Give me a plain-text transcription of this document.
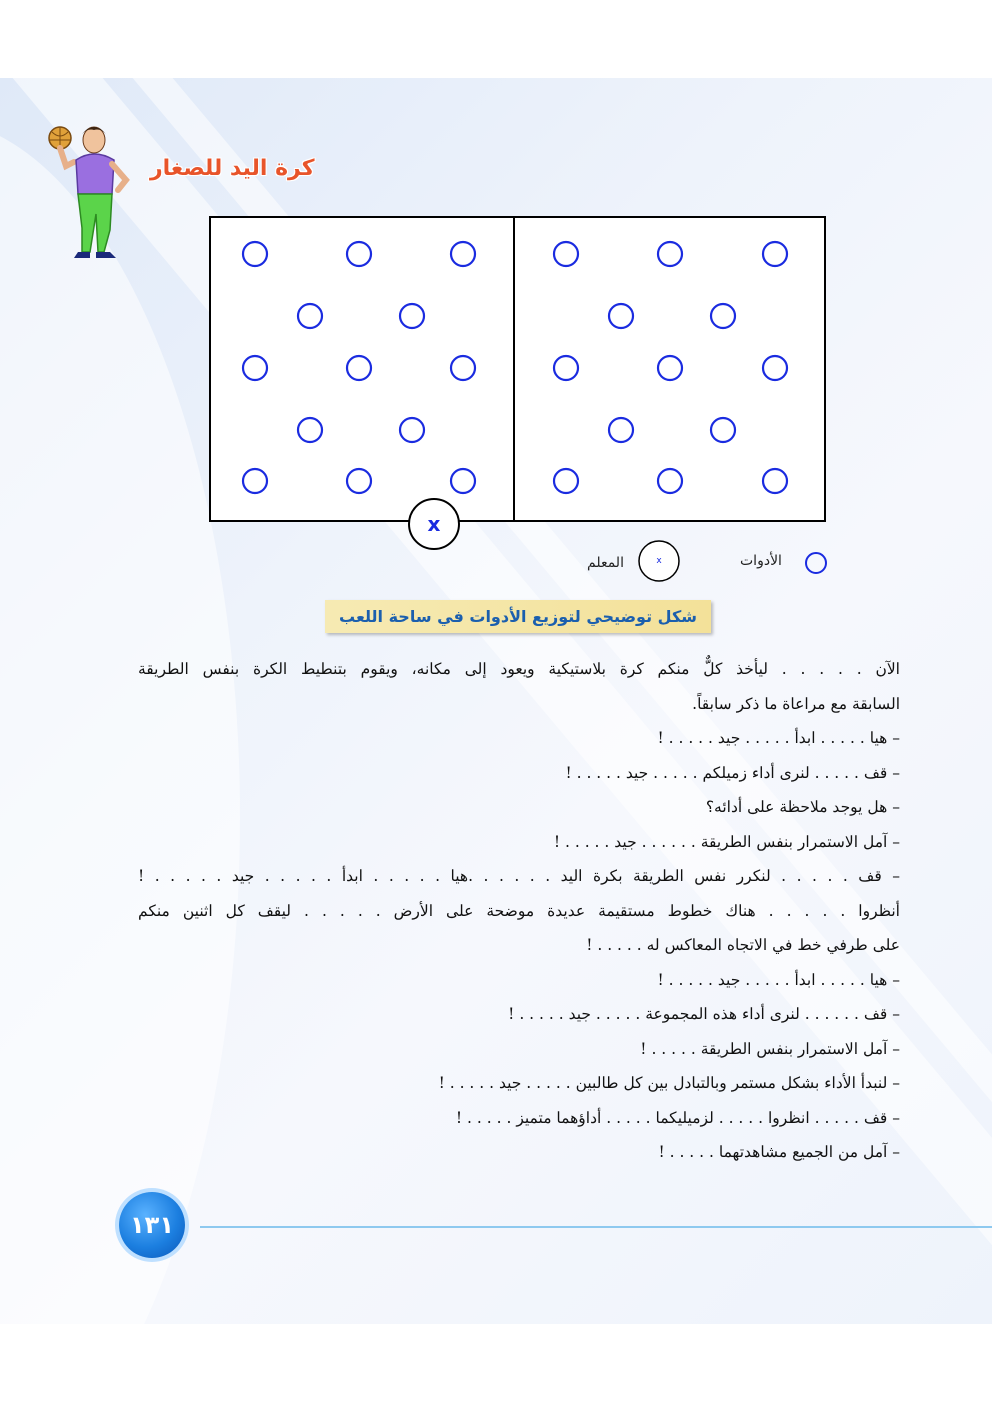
كرة اليد للصغار
x
x	الأدوات
المعلم
شكل توضيحي لتوزيع الأدوات في ساحة اللعب
الآن . . . . . ليأخذ كلٌّ منكم كرة بلاستيكية ويعود إلى مكانه، ويقوم بتنطيط الكرة بنفس الطريقة
السابقة مع مراعاة ما ذكر سابقاً.
– هيا . . . . . ابدأ . . . . . جيد . . . . . !
– قف . . . . . لنرى أداء زميلكم . . . . . جيد . . . . . !
– هل يوجد ملاحظة على أدائه؟
– آمل الاستمرار بنفس الطريقة . . . . . . جيد . . . . . !
– قف . . . . . لنكرر نفس الطريقة بكرة اليد . . . . . .هيا . . . . . ابدأ . . . . . جيد . . . . . !
أنظروا . . . . . هناك خطوط مستقيمة عديدة موضحة على الأرض . . . . . ليقف كل اثنين منكم
على طرفي خط في الاتجاه المعاكس له . . . . . !
– هيا . . . . . ابدأ . . . . . جيد . . . . . !
– قف . . . . . . لنرى أداء هذه المجموعة . . . . . جيد . . . . . !
– آمل الاستمرار بنفس الطريقة . . . . . !
– لنبدأ الأداء بشكل مستمر وبالتبادل بين كل طالبين . . . . . جيد . . . . . !
– قف . . . . . انظروا . . . . . لزميليكما . . . . . أداؤهما متميز . . . . . !
– آمل من الجميع مشاهدتهما . . . . . !
١٣١
